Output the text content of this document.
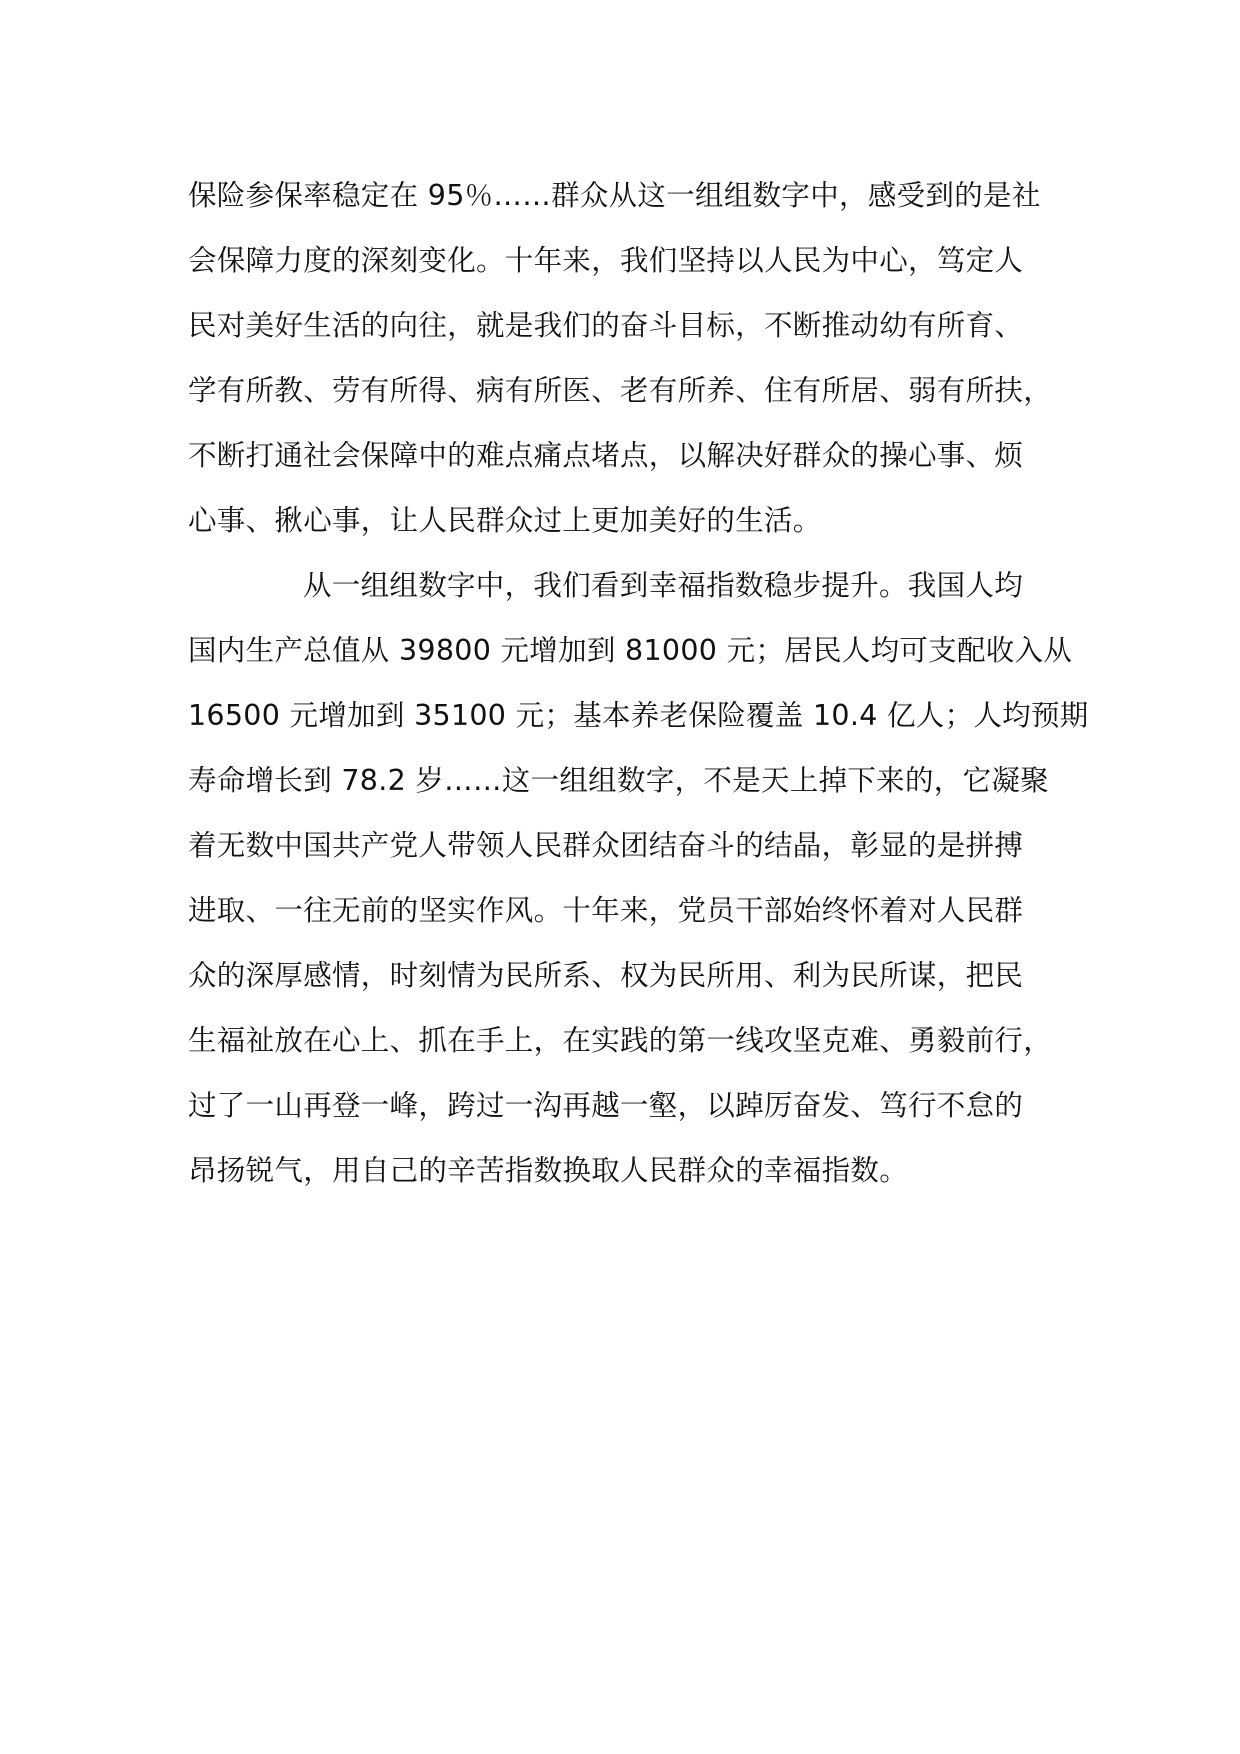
保险参保率稳定在 95％……群众从这一组组数字中，感受到的是社
会保障力度的深刻变化。十年来，我们坚持以人民为中心，笃定人
民对美好生活的向往，就是我们的奋斗目标，不断推动幼有所育、
学有所教、劳有所得、病有所医、老有所养、住有所居、弱有所扶，
不断打通社会保障中的难点痛点堵点，以解决好群众的操心事、烦
心事、揪心事，让人民群众过上更加美好的生活。
从一组组数字中，我们看到幸福指数稳步提升。我国人均
国内生产总值从 39800 元增加到 81000 元；居民人均可支配收入从
16500 元增加到 35100 元；基本养老保险覆盖 10.4 亿人；人均预期
寿命增长到 78.2 岁……这一组组数字，不是天上掉下来的，它凝聚
着无数中国共产党人带领人民群众团结奋斗的结晶，彰显的是拼搏
进取、一往无前的坚实作风。十年来，党员干部始终怀着对人民群
众的深厚感情，时刻情为民所系、权为民所用、利为民所谋，把民
生福祉放在心上、抓在手上，在实践的第一线攻坚克难、勇毅前行，
过了一山再登一峰，跨过一沟再越一壑，以踔厉奋发、笃行不怠的
昂扬锐气，用自己的辛苦指数换取人民群众的幸福指数。
